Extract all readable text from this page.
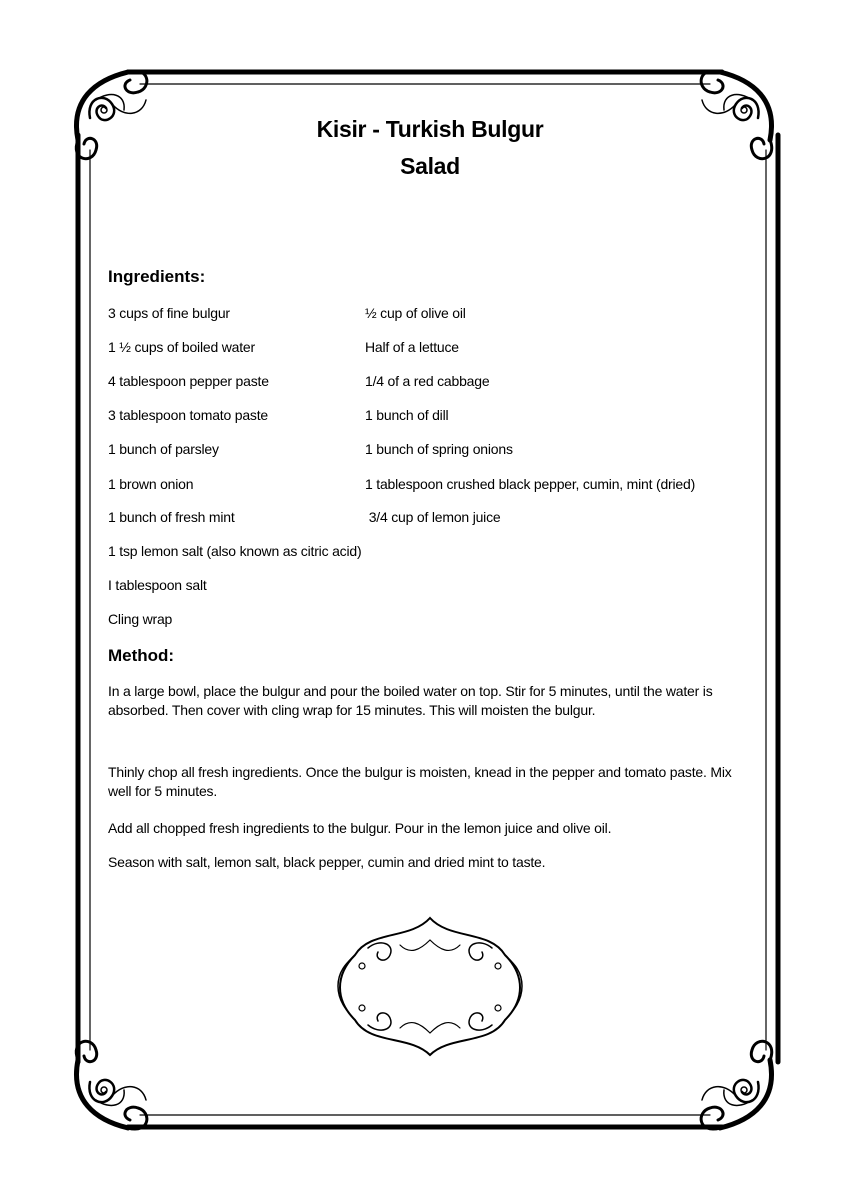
Kisir - Turkish Bulgur
Salad
Ingredients:
3 cups of fine bulgur
1 ½ cups of boiled water
4 tablespoon pepper paste
3 tablespoon tomato paste
1 bunch of parsley
1 brown onion
1 bunch of fresh mint
1 tsp lemon salt (also known as citric acid)
I tablespoon salt
Cling wrap
½ cup of olive oil
Half of a lettuce
1/4 of a red cabbage
1 bunch of dill
1 bunch of spring onions
1 tablespoon crushed black pepper, cumin, mint (dried)
3/4 cup of lemon juice
Method:
In a large bowl, place the bulgur and pour the boiled water on top. Stir for 5 minutes, until the water is absorbed. Then cover with cling wrap for 15 minutes. This will moisten the bulgur.
Thinly chop all fresh ingredients. Once the bulgur is moisten, knead in the pepper and tomato paste. Mix well for 5 minutes.
Add all chopped fresh ingredients to the bulgur. Pour in the lemon juice and olive oil.
Season with salt, lemon salt, black pepper, cumin and dried mint to taste.
